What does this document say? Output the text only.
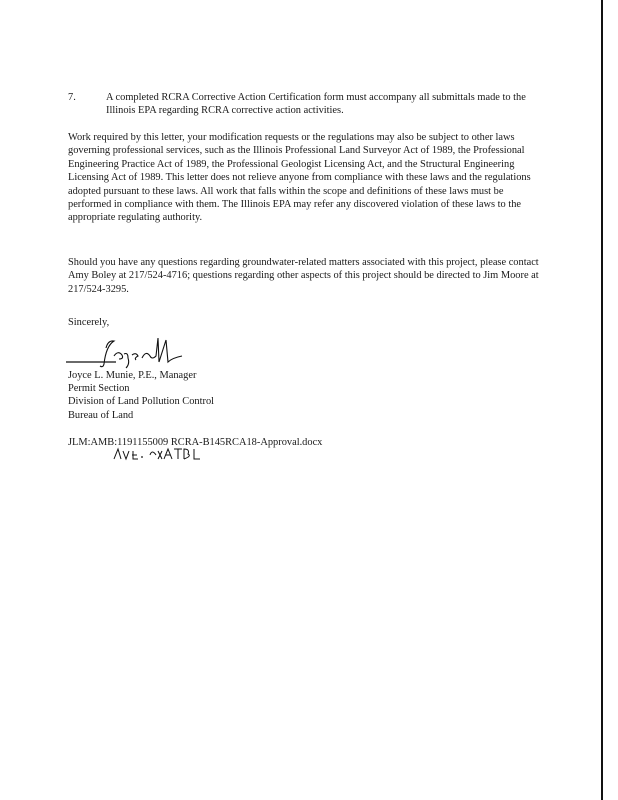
7.	A completed RCRA Corrective Action Certification form must accompany all submittals made to the Illinois EPA regarding RCRA corrective action activities.
Work required by this letter, your modification requests or the regulations may also be subject to other laws governing professional services, such as the Illinois Professional Land Surveyor Act of 1989, the Professional Engineering Practice Act of 1989, the Professional Geologist Licensing Act, and the Structural Engineering Licensing Act of 1989. This letter does not relieve anyone from compliance with these laws and the regulations adopted pursuant to these laws. All work that falls within the scope and definitions of these laws must be performed in compliance with them. The Illinois EPA may refer any discovered violation of these laws to the appropriate regulating authority.
Should you have any questions regarding groundwater-related matters associated with this project, please contact Amy Boley at 217/524-4716; questions regarding other aspects of this project should be directed to Jim Moore at 217/524-3295.
Sincerely,
Joyce L. Munie, P.E., Manager
Permit Section
Division of Land Pollution Control
Bureau of Land
JLM:AMB:1191155009 RCRA-B145RCA18-Approval.docx
